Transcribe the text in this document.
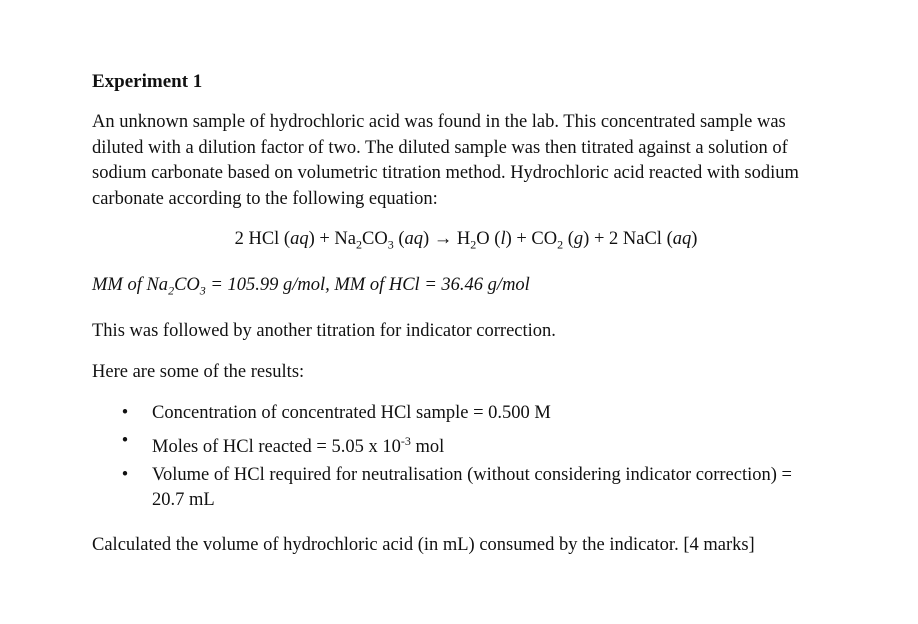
Experiment 1

An unknown sample of hydrochloric acid was found in the lab. This concentrated sample was
diluted with a dilution factor of two. The diluted sample was then titrated against a solution of
sodium carbonate based on volumetric titration method. Hydrochloric acid reacted with sodium
carbonate according to the following equation:

2 HCl $(aq) + Na_2CO_3$ $(aq) \to H_2O$ $(l) + CO_2$ (g) + 2 NaCl (aq)

MM of $Na_2CO_3 = 105.99$ g/mol, MM of HCl = 36.46 g/mol

This was followed by another titration for indicator correction.

Here are some of the results:

• Concentration of concentrated HCl sample = 0.500 M
• Moles of HCl reacted = 5.05 x $10^{-3}$ mol
• Volume of HCl required for neutralisation (without considering indicator correction) =
20.7 mL

Calculated the volume of hydrochloric acid (in mL) consumed by the indicator. [4 marks]
